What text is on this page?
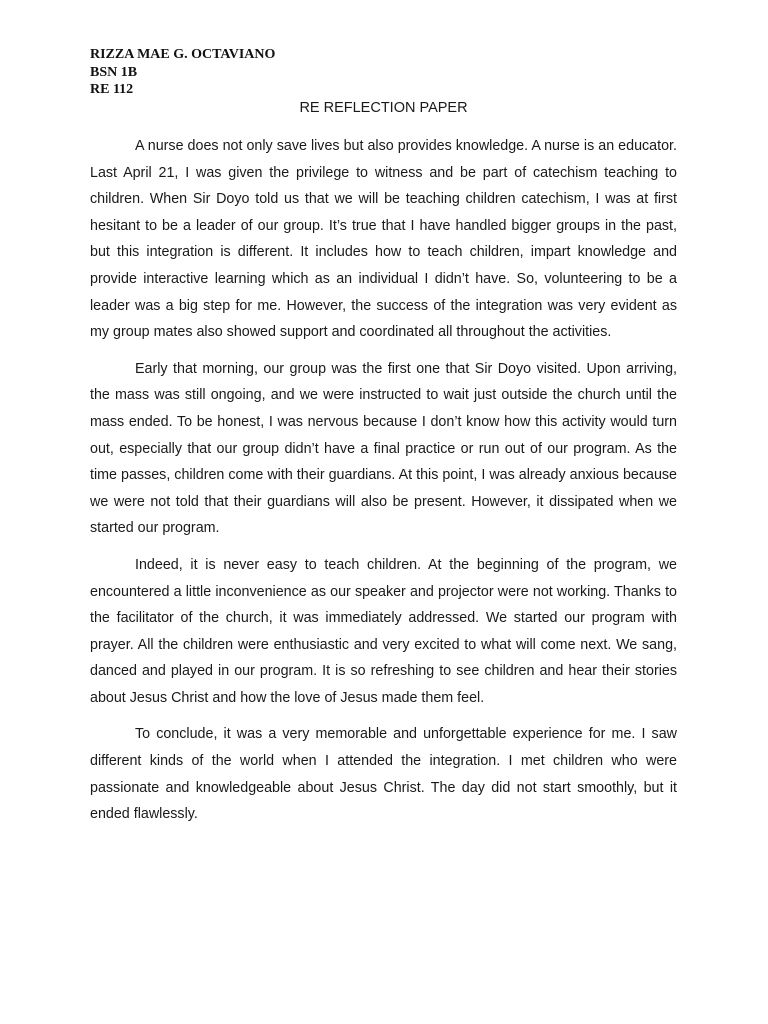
RIZZA MAE G. OCTAVIANO
BSN 1B
RE 112
RE REFLECTION PAPER

A nurse does not only save lives but also provides knowledge. A nurse is an educator. Last April 21, I was given the privilege to witness and be part of catechism teaching to children. When Sir Doyo told us that we will be teaching children catechism, I was at first hesitant to be a leader of our group. It’s true that I have handled bigger groups in the past, but this integration is different. It includes how to teach children, impart knowledge and provide interactive learning which as an individual I didn’t have. So, volunteering to be a leader was a big step for me. However, the success of the integration was very evident as my group mates also showed support and coordinated all throughout the activities.

Early that morning, our group was the first one that Sir Doyo visited. Upon arriving, the mass was still ongoing, and we were instructed to wait just outside the church until the mass ended. To be honest, I was nervous because I don’t know how this activity would turn out, especially that our group didn’t have a final practice or run out of our program. As the time passes, children come with their guardians. At this point, I was already anxious because we were not told that their guardians will also be present. However, it dissipated when we started our program.

Indeed, it is never easy to teach children. At the beginning of the program, we encountered a little inconvenience as our speaker and projector were not working. Thanks to the facilitator of the church, it was immediately addressed. We started our program with prayer. All the children were enthusiastic and very excited to what will come next. We sang, danced and played in our program. It is so refreshing to see children and hear their stories about Jesus Christ and how the love of Jesus made them feel.

To conclude, it was a very memorable and unforgettable experience for me. I saw different kinds of the world when I attended the integration. I met children who were passionate and knowledgeable about Jesus Christ. The day did not start smoothly, but it ended flawlessly.
